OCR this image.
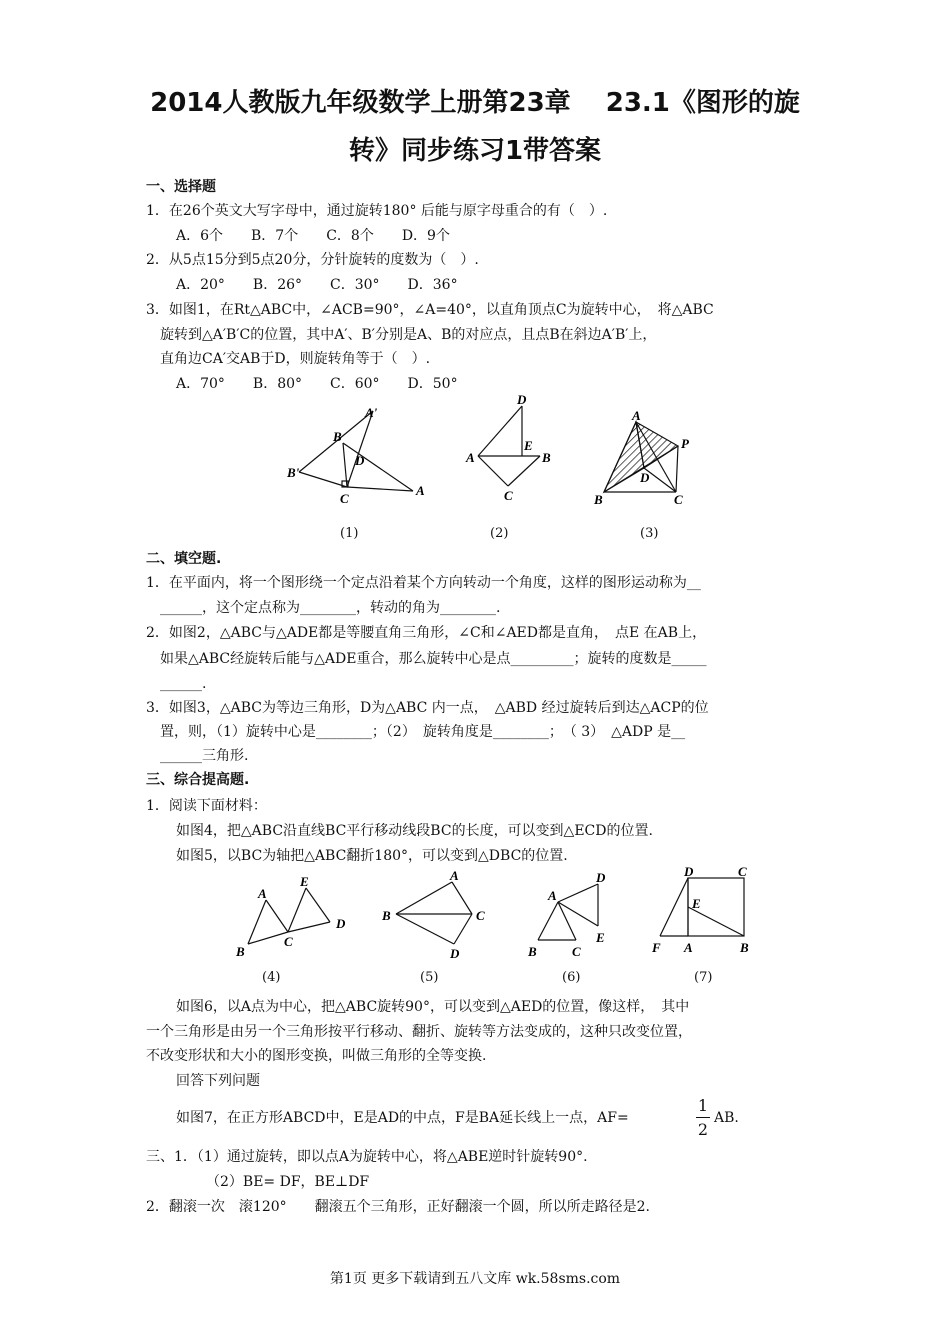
2014人教版九年级数学上册第23章　 23.1《图形的旋
转》同步练习1带答案
一、选择题
1．在26个英文大写字母中，通过旋转180° 后能与原字母重合的有（　）.
A．6个　　B．7个　　C．8个　　D．9个
2．从5点15分到5点20分，分针旋转的度数为（　）.
A．20°　　B．26°　　C．30°　　D．36°
3．如图1，在Rt△ABC中，∠ACB=90°，∠A=40°，以直角顶点C为旋转中心，　将△ABC
旋转到△A′B′C的位置，其中A′、B′分别是A、B的对应点，且点B在斜边A′B′上，
直角边CA′交AB于D，则旋转角等于（　）.
A．70°　　B．80°　　C．60°　　D．50°
A'
B
D
B'
C
A
D
E
A	B
C
A
P
D
B	C
(1)	(2)	(3)
二、填空题.
1．在平面内，将一个图形绕一个定点沿着某个方向转动一个角度，这样的图形运动称为__
______，这个定点称为________，转动的角为________.
2．如图2，△ABC与△ADE都是等腰直角三角形，∠C和∠AED都是直角，　点E 在AB上，
如果△ABC经旋转后能与△ADE重合，那么旋转中心是点_________；旋转的度数是_____
______.
3．如图3，△ABC为等边三角形，D为△ABC 内一点，　△ABD 经过旋转后到达△ACP的位
置，则，（1）旋转中心是________；（2）　旋转角度是________；　（ 3）　△ADP 是__
______三角形.
三、综合提高题.
1．阅读下面材料：
如图4，把△ABC沿直线BC平行移动线段BC的长度，可以变到△ECD的位置.
如图5，以BC为轴把△ABC翻折180°，可以变到△DBC的位置.
A
E
D
B
C
A
B	C
D
A
D
E
B	C
D	C
E
F A	B
(4)	(5)	(6)	(7)
如图6，以A点为中心，把△ABC旋转90°，可以变到△AED的位置，像这样，　其中
一个三角形是由另一个三角形按平行移动、翻折、旋转等方法变成的，这种只改变位置，
不改变形状和大小的图形变换，叫做三角形的全等变换.
回答下列问题
如图7，在正方形ABCD中，E是AD的中点，F是BA延长线上一点，AF=
1
2
AB.
三、1．（1）通过旋转，即以点A为旋转中心，将△ABE逆时针旋转90°.
（2）BE= DF，BE⊥DF
2．翻滚一次　滚120°　　翻滚五个三角形，正好翻滚一个圆，所以所走路径是2.
第1页 更多下载请到五八文库 wk.58sms.com
